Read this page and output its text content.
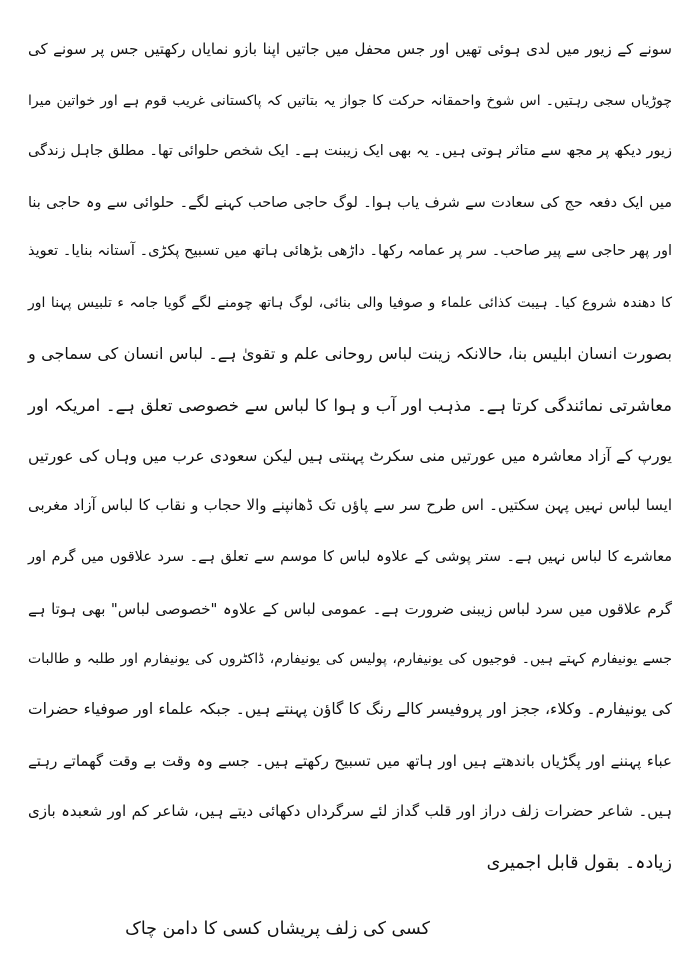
سونے کے زیور میں لدی ہوئی تھیں اور جس محفل میں جاتیں اپنا بازو نمایاں رکھتیں جس پر سونے کی
چوڑیاں سجی رہتیں۔ اس شوخ واحمقانہ حرکت کا جواز یہ بتاتیں کہ پاکستانی غریب قوم ہے اور خواتین میرا
زیور دیکھ پر مجھ سے متاثر ہوتی ہیں۔ یہ بھی ایک زیبنت ہے۔ ایک شخص حلوائی تھا۔ مطلق جاہل زندگی
میں ایک دفعہ حج کی سعادت سے شرف یاب ہوا۔ لوگ حاجی صاحب کہنے لگے۔ حلوائی سے وہ حاجی بنا
اور پھر حاجی سے پیر صاحب۔ سر پر عمامہ رکھا۔ داڑھی بڑھائی ہاتھ میں تسبیح پکڑی۔ آستانہ بنایا۔ تعویذ
کا دھندہ شروع کیا۔ ہیبت کذائی علماء و صوفیا والی بنائی، لوگ ہاتھ چومنے لگے گویا جامہ ء تلبیس پہنا اور
بصورت انسان ابلیس بنا، حالانکہ زینت لباس روحانی علم و تقویٰ ہے۔ لباس انسان کی سماجی و
معاشرتی نمائندگی کرتا ہے۔ مذہب اور آب و ہوا کا لباس سے خصوصی تعلق ہے۔ امریکہ اور
یورپ کے آزاد معاشرہ میں عورتیں منی سکرٹ پہنتی ہیں لیکن سعودی عرب میں وہاں کی عورتیں
ایسا لباس نہیں پہن سکتیں۔ اس طرح سر سے پاؤں تک ڈھانپنے والا حجاب و نقاب کا لباس آزاد مغربی
معاشرے کا لباس نہیں ہے۔ ستر پوشی کے علاوہ لباس کا موسم سے تعلق ہے۔ سرد علاقوں میں گرم اور
گرم علاقوں میں سرد لباس زیبنی ضرورت ہے۔ عمومی لباس کے علاوہ "خصوصی لباس" بھی ہوتا ہے
جسے یونیفارم کہتے ہیں۔ فوجیوں کی یونیفارم، پولیس کی یونیفارم، ڈاکٹروں کی یونیفارم اور طلبہ و طالبات
کی یونیفارم۔ وکلاء، ججز اور پروفیسر کالے رنگ کا گاؤن پہنتے ہیں۔ جبکہ علماء اور صوفیاء حضرات
عباء پہننے اور پگڑیاں باندھتے ہیں اور ہاتھ میں تسبیح رکھتے ہیں۔ جسے وہ وقت بے وقت گھماتے رہتے
ہیں۔ شاعر حضرات زلف دراز اور قلب گداز لئے سرگرداں دکھائی دیتے ہیں، شاعر کم اور شعبدہ بازی
زیادہ۔ بقول قابل اجمیری
کسی کی زلف پریشاں کسی کا دامن چاک
